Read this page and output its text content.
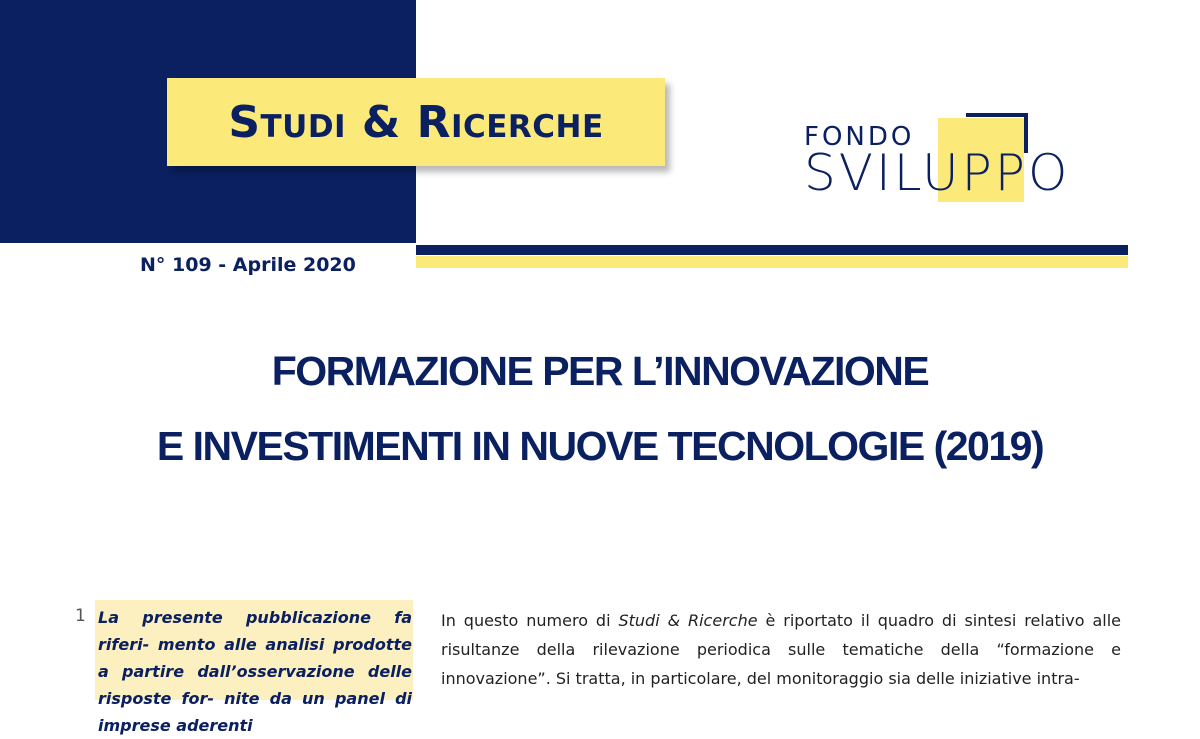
Studi & Ricerche	FONDO
SVILUPPO
N° 109 - Aprile 2020
FORMAZIONE PER L’INNOVAZIONE
E INVESTIMENTI IN NUOVE TECNOLOGIE (2019)
1 La presente pubblicazione fa riferi- mento alle analisi prodotte a partire dall’osservazione delle risposte for- nite da un panel di imprese aderenti
In questo numero di Studi & Ricerche è riportato il quadro di sintesi relativo alle risultanze della rilevazione periodica sulle tematiche della “formazione e innovazione”. Si tratta, in particolare, del monitoraggio sia delle iniziative intra-
